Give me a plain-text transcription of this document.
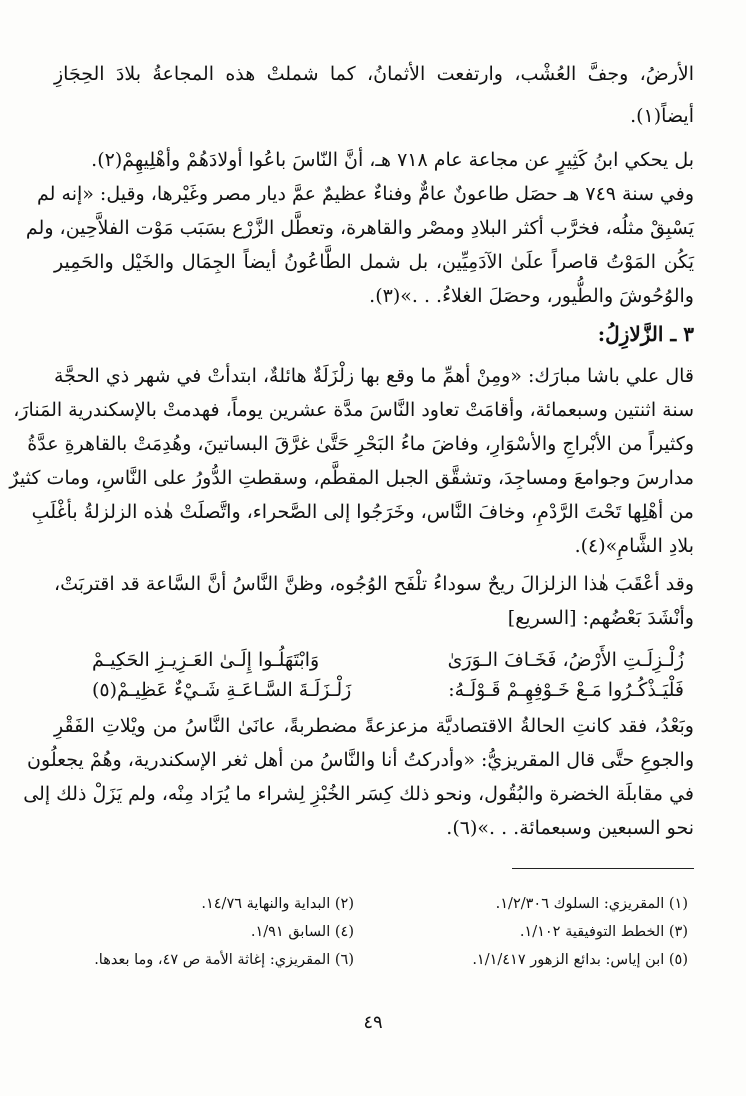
الأرضُ، وجفَّ العُشْب، وارتفعت الأثمانُ، كما شملتْ هذه المجاعةُ بلادَ الحِجَازِ
أيضاً(١).
بل يحكي ابنُ كَثِيرٍ عن مجاعة عام ٧١٨ هـ، أنَّ النّاسَ باعُوا أولادَهُمْ وأهْلِيهِمْ(٢).
وفي سنة ٧٤٩ هـ حصَل طاعونٌ عامٌّ وفناءٌ عظيمٌ عمَّ ديار مصر وغَيْرها، وقيل: «إنه لم
يَسْبِقْ مثلُه، فخرَّب أكثر البلادِ ومصْر والقاهرة، وتعطَّل الزَّرْع بسَبَب مَوْت الفلاَّحِين، ولم
يَكُن المَوْتُ قاصراً علَىٰ الآدَمِيِّين، بل شمل الطَّاعُونُ أيضاً الجِمَال والخَيْل والحَمِير
والوُحُوشَ والطُّيور، وحصَلَ الغلاءُ. . .»(٣).
٣ ـ الزَّلازِلُ:
قال علي باشا مبارَك: «ومِنْ أهمِّ ما وقع بها زلْزَلَةٌ هائلةٌ، ابتدأتْ في شهر ذي الحجَّة
سنة اثنتين وسبعمائة، وأقامَتْ تعاود النَّاسَ مدَّة عشرين يوماً، فهدمتْ بالإسكندرية المَنارَ،
وكثيراً من الأبْراجِ والأسْوَارِ، وفاضَ ماءُ البَحْرِ حَتَّىٰ غرَّقَ البساتينَ، وهُدِمَتْ بالقاهرةِ عدَّةُ
مدارسَ وجوامعَ ومساجِدَ، وتشقَّق الجبل المقطَّم، وسقطتِ الدُّورُ على النَّاسِ، ومات كثيرٌ
من أهْلِها تَحْتَ الرَّدْمِ، وخافَ النَّاس، وخَرَجُوا إلى الصَّحراء، واتَّصلَتْ هٰذه الزلزلةُ بأغْلَبِ
بلادِ الشَّامِ»(٤).
وقد أعْقَبَ هٰذا الزلزالَ ريحٌ سوداءُ تلْفَح الوُجُوه، وظنَّ النَّاسُ أنَّ السَّاعة قد اقتربَتْ،
وأنْشَدَ بَعْضُهم: [السريع]
زُلْـزِلَـتِ الأَرْضُ، فَخَـافَ الـوَرَىٰ
وَابْتَهَلُـوا إِلَـىٰ العَـزِيـزِ الحَكِيـمْ
فَلْيَـذْكُـرُوا مَـعْ خَـوْفِهِـمْ قَـوْلَـهُ:
زَلْـزَلَـةَ السَّـاعَـةِ شَـيْءٌ عَظِيـمْ(٥)
وبَعْدُ، فقد كانتِ الحالةُ الاقتصاديَّة مزعزعةً مضطربةً، عانَىٰ النَّاسُ من ويْلاتِ الفَقْرِ
والجوعِ حتَّى قال المقريزيُّ: «وأدركتُ أنا والنَّاسُ من أهل ثغر الإسكندرية، وهُمْ يجعلُون
في مقابلَة الخضرة والبُقُول، ونحو ذلك كِسَر الخُبْزِ لِشراء ما يُرَاد مِنْه، ولم يَزَلْ ذلك إلى
نحو السبعين وسبعمائة. . .»(٦).
(١) المقريزي: السلوك ١/٢/٣٠٦.
(٢) البداية والنهاية ١٤/٧٦.
(٣) الخطط التوفيقية ١/١٠٢.
(٤) السابق ١/٩١.
(٥) ابن إياس: بدائع الزهور ١/١/٤١٧.
(٦) المقريزي: إغاثة الأمة ص ٤٧، وما بعدها.
٤٩
